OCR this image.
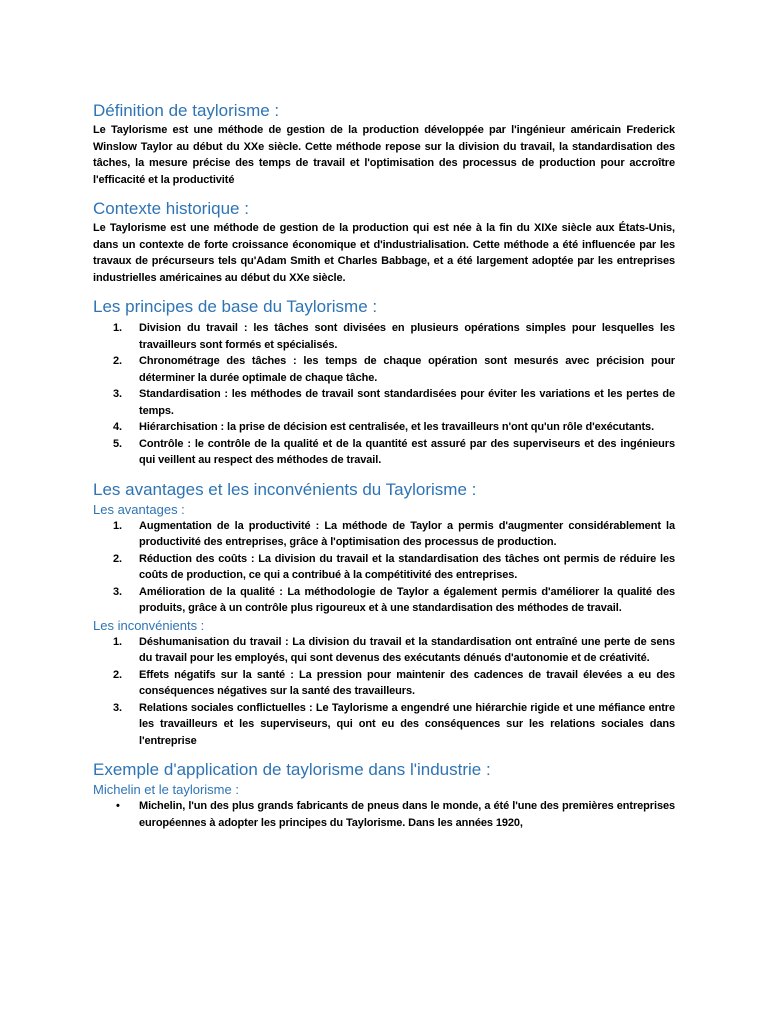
Définition de taylorisme :

Le Taylorisme est une méthode de gestion de la production développée par l'ingénieur américain Frederick Winslow Taylor au début du XXe siècle. Cette méthode repose sur la division du travail, la standardisation des tâches, la mesure précise des temps de travail et l'optimisation des processus de production pour accroître l'efficacité et la productivité

Contexte historique :

Le Taylorisme est une méthode de gestion de la production qui est née à la fin du XIXe siècle aux États-Unis, dans un contexte de forte croissance économique et d'industrialisation. Cette méthode a été influencée par les travaux de précurseurs tels qu'Adam Smith et Charles Babbage, et a été largement adoptée par les entreprises industrielles américaines au début du XXe siècle.

Les principes de base du Taylorisme :
1.	Division du travail : les tâches sont divisées en plusieurs opérations simples pour lesquelles les travailleurs sont formés et spécialisés.
2.	Chronométrage des tâches : les temps de chaque opération sont mesurés avec précision pour déterminer la durée optimale de chaque tâche.
3.	Standardisation : les méthodes de travail sont standardisées pour éviter les variations et les pertes de temps.
4.	Hiérarchisation : la prise de décision est centralisée, et les travailleurs n'ont qu'un rôle d'exécutants.
5.	Contrôle : le contrôle de la qualité et de la quantité est assuré par des superviseurs et des ingénieurs qui veillent au respect des méthodes de travail.
Les avantages et les inconvénients du Taylorisme :
Les avantages :
1.	Augmentation de la productivité : La méthode de Taylor a permis d'augmenter considérablement la productivité des entreprises, grâce à l'optimisation des processus de production.
2.	Réduction des coûts : La division du travail et la standardisation des tâches ont permis de réduire les coûts de production, ce qui a contribué à la compétitivité des entreprises.
3.	Amélioration de la qualité : La méthodologie de Taylor a également permis d'améliorer la qualité des produits, grâce à un contrôle plus rigoureux et à une standardisation des méthodes de travail.
Les inconvénients :
1.	Déshumanisation du travail : La division du travail et la standardisation ont entraîné une perte de sens du travail pour les employés, qui sont devenus des exécutants dénués d'autonomie et de créativité.
2.	Effets négatifs sur la santé : La pression pour maintenir des cadences de travail élevées a eu des conséquences négatives sur la santé des travailleurs.
3.	Relations sociales conflictuelles : Le Taylorisme a engendré une hiérarchie rigide et une méfiance entre les travailleurs et les superviseurs, qui ont eu des conséquences sur les relations sociales dans l'entreprise
Exemple d'application de taylorisme dans l'industrie :
Michelin et le taylorisme :
• Michelin, l'un des plus grands fabricants de pneus dans le monde, a été l'une des premières entreprises européennes à adopter les principes du Taylorisme. Dans les années 1920,
